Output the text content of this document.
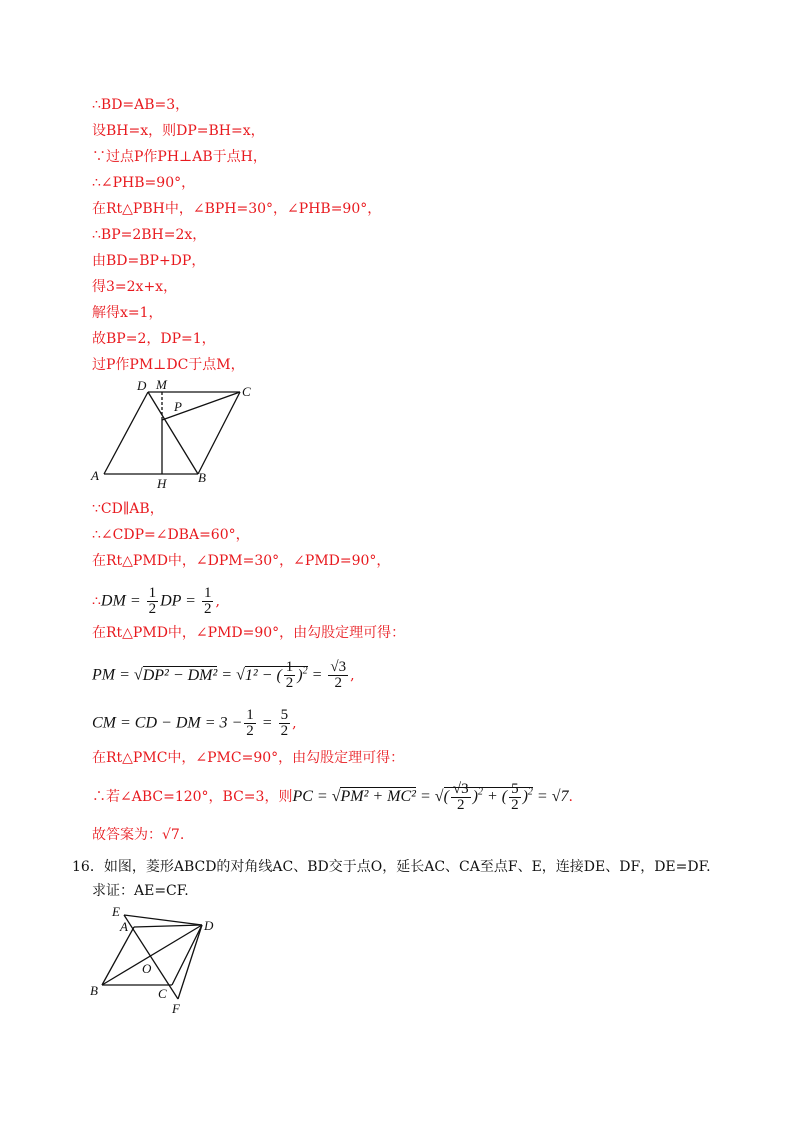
∴BD=AB=3，
设BH=x，则DP=BH=x，
∵过点P作PH⊥AB于点H，
∴∠PHB=90°，
在Rt△PBH中，∠BPH=30°，∠PHB=90°，
∴BP=2BH=2x，
由BD=BP+DP，
得3=2x+x，
解得x=1，
故BP=2，DP=1，
过P作PM⊥DC于点M，
D M	C
P
A
H B
∵CD∥AB，
∴∠CDP=∠DBA=60°，
在Rt△PMD中，∠DPM=30°，∠PMD=90°，
∴DM = $\frac{1}{2}$ DP = $\frac{1}{2}$ ,
在Rt△PMD中，∠PMD=90°，由勾股定理可得：
PM = √DP² − DM² = √1² − ( $\frac{1}{2} )^2 = \frac{√3}{2}$ ,
CM = CD − DM = $3 - \frac{1}{2} = \frac{5}{2}$ ,
在Rt△PMC中，∠PMC=90°，由勾股定理可得：
∴若∠ABC=120°，BC=3，则PC = √PM² + MC² = √( $\frac{√3}{2} )^2$ + ( $\frac{5}{2} )^2 = √7$.
故答案为：√7.
16．如图，菱形ABCD的对角线AC、BD交于点O，延长AC、CA至点F、E，连接DE、DF，DE=DF.
求证：AE=CF.
E
A	D
O
B	C
F
